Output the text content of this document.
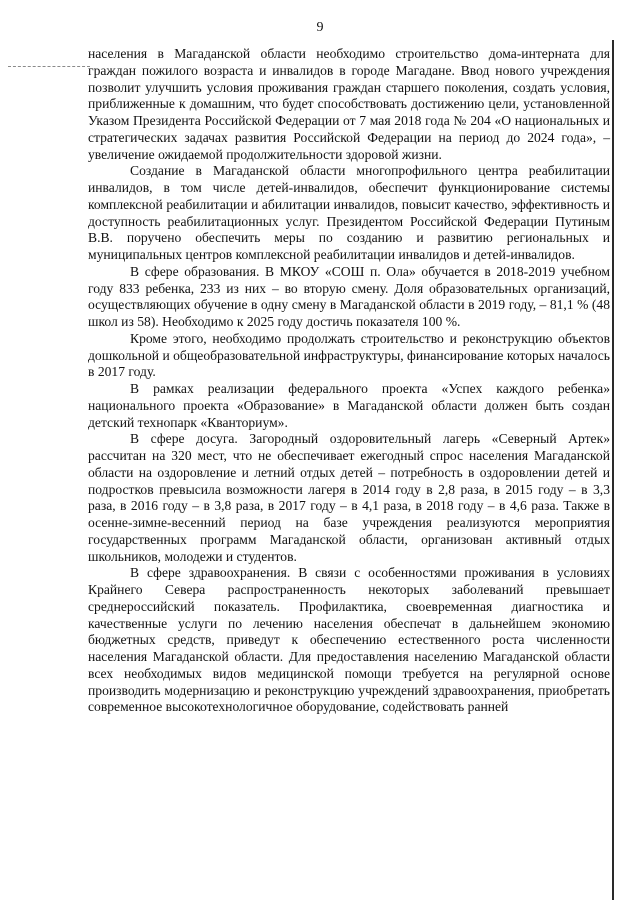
9

населения в Магаданской области необходимо строительство дома-интерната для граждан пожилого возраста и инвалидов в городе Магадане. Ввод нового учреждения позволит улучшить условия проживания граждан старшего поколения, создать условия, приближенные к домашним, что будет способствовать достижению цели, установленной Указом Президента Российской Федерации от 7 мая 2018 года № 204 «О национальных и стратегических задачах развития Российской Федерации на период до 2024 года», – увеличение ожидаемой продолжительности здоровой жизни.

Создание в Магаданской области многопрофильного центра реабилитации инвалидов, в том числе детей-инвалидов, обеспечит функционирование системы комплексной реабилитации и абилитации инвалидов, повысит качество, эффективность и доступность реабилитационных услуг. Президентом Российской Федерации Путиным В.В. поручено обеспечить меры по созданию и развитию региональных и муниципальных центров комплексной реабилитации инвалидов и детей-инвалидов.

В сфере образования. В МКОУ «СОШ п. Ола» обучается в 2018-2019 учебном году 833 ребенка, 233 из них – во вторую смену. Доля образовательных организаций, осуществляющих обучение в одну смену в Магаданской области в 2019 году, – 81,1 % (48 школ из 58). Необходимо к 2025 году достичь показателя 100 %.

Кроме этого, необходимо продолжать строительство и реконструкцию объектов дошкольной и общеобразовательной инфраструктуры, финансирование которых началось в 2017 году.

В рамках реализации федерального проекта «Успех каждого ребенка» национального проекта «Образование» в Магаданской области должен быть создан детский технопарк «Кванториум».

В сфере досуга. Загородный оздоровительный лагерь «Северный Артек» рассчитан на 320 мест, что не обеспечивает ежегодный спрос населения Магаданской области на оздоровление и летний отдых детей – потребность в оздоровлении детей и подростков превысила возможности лагеря в 2014 году в 2,8 раза, в 2015 году – в 3,3 раза, в 2016 году – в 3,8 раза, в 2017 году – в 4,1 раза, в 2018 году – в 4,6 раза. Также в осенне-зимне-весенний период на базе учреждения реализуются мероприятия государственных программ Магаданской области, организован активный отдых школьников, молодежи и студентов.

В сфере здравоохранения. В связи с особенностями проживания в условиях Крайнего Севера распространенность некоторых заболеваний превышает среднероссийский показатель. Профилактика, своевременная диагностика и качественные услуги по лечению населения обеспечат в дальнейшем экономию бюджетных средств, приведут к обеспечению естественного роста численности населения Магаданской области. Для предоставления населению Магаданской области всех необходимых видов медицинской помощи требуется на регулярной основе производить модернизацию и реконструкцию учреждений здравоохранения, приобретать современное высокотехнологичное оборудование, содействовать ранней
